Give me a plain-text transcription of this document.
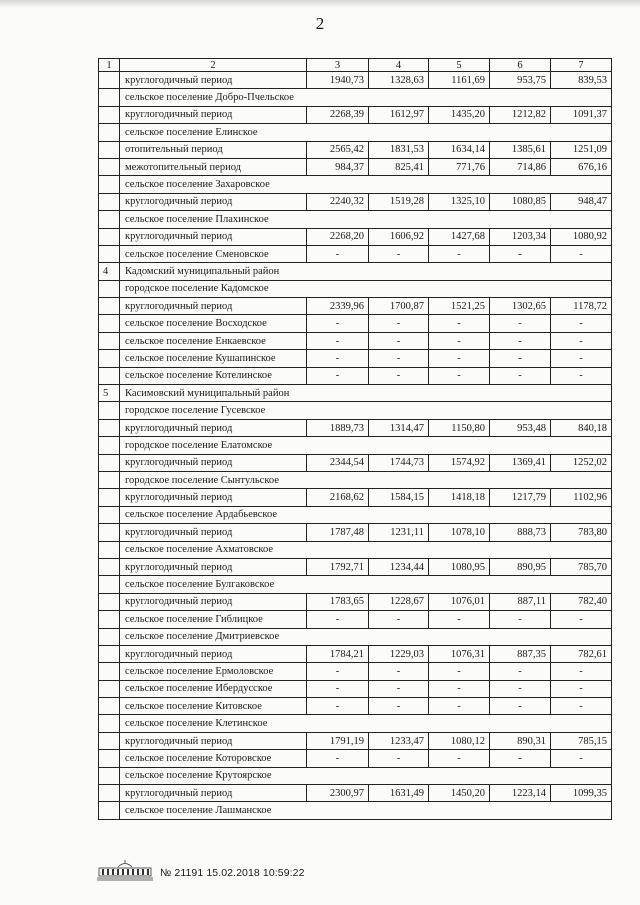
2
1	2	3	4	5	6	7
	круглогодичный период	1940,73	1328,63	1161,69	953,75	839,53
	сельское поселение Добро-Пчельское					
	круглогодичный период	2268,39	1612,97	1435,20	1212,82	1091,37
	сельское поселение Елинское					
	отопительный период	2565,42	1831,53	1634,14	1385,61	1251,09
	межотопительный период	984,37	825,41	771,76	714,86	676,16
	сельское поселение Захаровское					
	круглогодичный период	2240,32	1519,28	1325,10	1080,85	948,47
	сельское поселение Плахинское					
	круглогодичный период	2268,20	1606,92	1427,68	1203,34	1080,92
	сельское поселение Сменовское	-	-	-	-	-
4	Кадомский муниципальный район					
	городское поселение Кадомское					
	круглогодичный период	2339,96	1700,87	1521,25	1302,65	1178,72
	сельское поселение Восходское	-	-	-	-	-
	сельское поселение Енкаевское	-	-	-	-	-
	сельское поселение Кушапинское	-	-	-	-	-
	сельское поселение Котелинское	-	-	-	-	-
5	Касимовский муниципальный район					
	городское поселение Гусевское					
	круглогодичный период	1889,73	1314,47	1150,80	953,48	840,18
	городское поселение Елатомское					
	круглогодичный период	2344,54	1744,73	1574,92	1369,41	1252,02
	городское поселение Сынтульское					
	круглогодичный период	2168,62	1584,15	1418,18	1217,79	1102,96
	сельское поселение Ардабьевское					
	круглогодичный период	1787,48	1231,11	1078,10	888,73	783,80
	сельское поселение Ахматовское					
	круглогодичный период	1792,71	1234,44	1080,95	890,95	785,70
	сельское поселение Булгаковское					
	круглогодичный период	1783,65	1228,67	1076,01	887,11	782,40
	сельское поселение Гиблицкое	-	-	-	-	-
	сельское поселение Дмитриевское					
	круглогодичный период	1784,21	1229,03	1076,31	887,35	782,61
	сельское поселение Ермоловское	-	-	-	-	-
	сельское поселение Ибердусское	-	-	-	-	-
	сельское поселение Китовское	-	-	-	-	-
	сельское поселение Клетинское					
	круглогодичный период	1791,19	1233,47	1080,12	890,31	785,15
	сельское поселение Которовское	-	-	-	-	-
	сельское поселение Крутоярское					
	круглогодичный период	2300,97	1631,49	1450,20	1223,14	1099,35
	сельское поселение Лашманское					
№ 21191 15.02.2018 10:59:22
